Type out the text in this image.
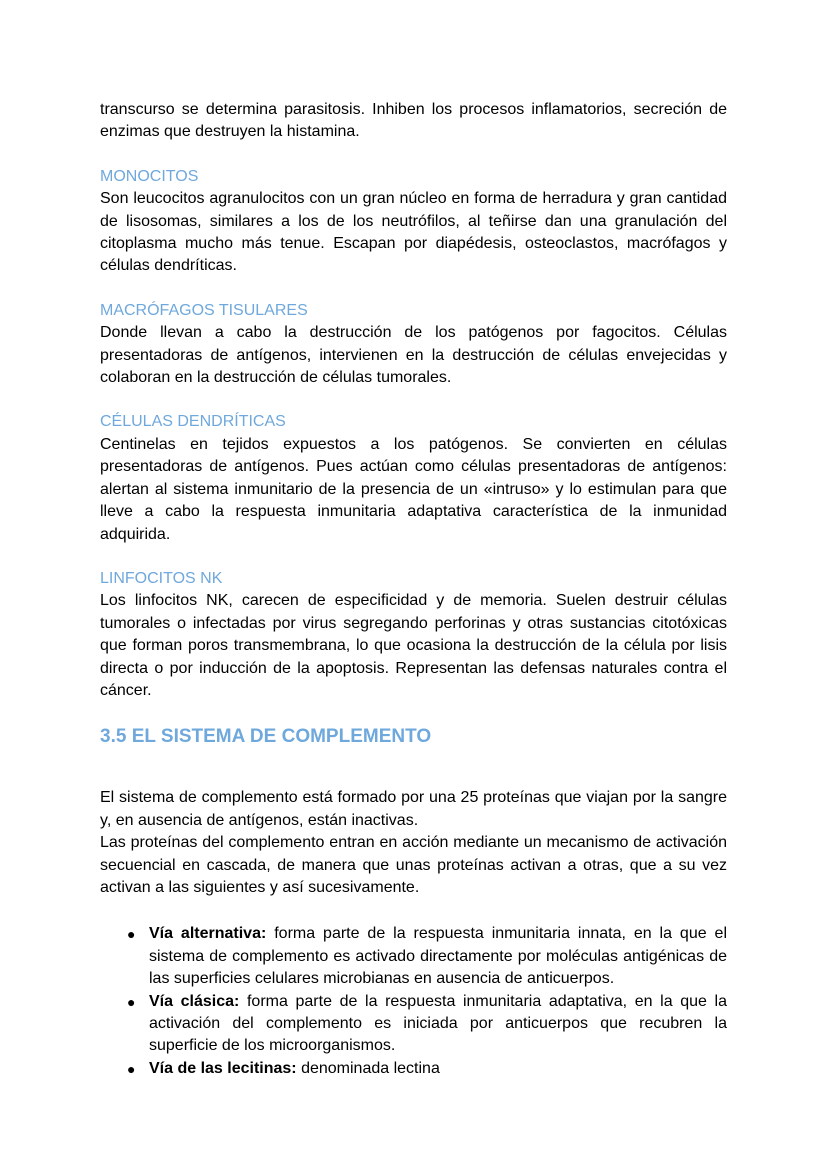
transcurso se determina parasitosis. Inhiben los procesos inflamatorios, secreción de enzimas que destruyen la histamina.

MONOCITOS

Son leucocitos agranulocitos con un gran núcleo en forma de herradura y gran cantidad de lisosomas, similares a los de los neutrófilos, al teñirse dan una granulación del citoplasma mucho más tenue. Escapan por diapédesis, osteoclastos, macrófagos y células dendríticas.

MACRÓFAGOS TISULARES

Donde llevan a cabo la destrucción de los patógenos por fagocitos. Células presentadoras de antígenos, intervienen en la destrucción de células envejecidas y colaboran en la destrucción de células tumorales.

CÉLULAS DENDRÍTICAS

Centinelas en tejidos expuestos a los patógenos. Se convierten en células presentadoras de antígenos. Pues actúan como células presentadoras de antígenos: alertan al sistema inmunitario de la presencia de un «intruso» y lo estimulan para que lleve a cabo la respuesta inmunitaria adaptativa característica de la inmunidad adquirida.

LINFOCITOS NK

Los linfocitos NK, carecen de especificidad y de memoria. Suelen destruir células tumorales o infectadas por virus segregando perforinas y otras sustancias citotóxicas que forman poros transmembrana, lo que ocasiona la destrucción de la célula por lisis directa o por inducción de la apoptosis. Representan las defensas naturales contra el cáncer.

3.5 EL SISTEMA DE COMPLEMENTO

El sistema de complemento está formado por una 25 proteínas que viajan por la sangre y, en ausencia de antígenos, están inactivas.

Las proteínas del complemento entran en acción mediante un mecanismo de activación secuencial en cascada, de manera que unas proteínas activan a otras, que a su vez activan a las siguientes y así sucesivamente.

● Vía alternativa: forma parte de la respuesta inmunitaria innata, en la que el sistema de complemento es activado directamente por moléculas antigénicas de las superficies celulares microbianas en ausencia de anticuerpos.
● Vía clásica: forma parte de la respuesta inmunitaria adaptativa, en la que la activación del complemento es iniciada por anticuerpos que recubren la superficie de los microorganismos.
● Vía de las lecitinas: denominada lectina
